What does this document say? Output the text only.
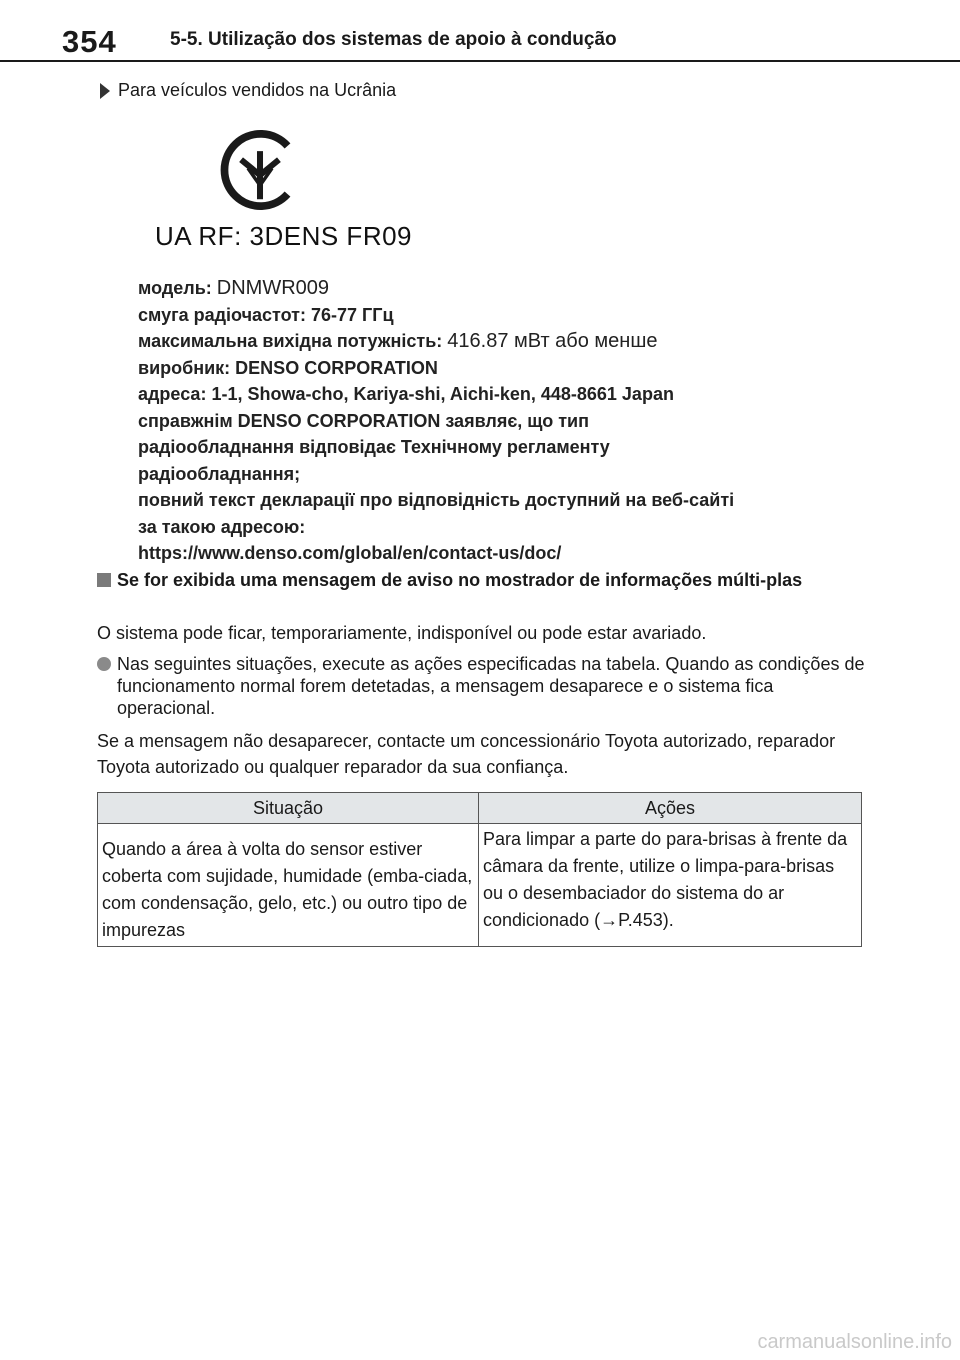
354	5-5. Utilização dos sistemas de apoio à condução
Para veículos vendidos na Ucrânia
UA RF: 3DENS FR09
модель: DNMWR009
смуга радіочастот: 76-77 ГГц
максимальна вихідна потужність: 416.87 мВт або менше
виробник: DENSO CORPORATION
адреса: 1-1, Showa-cho, Kariya-shi, Aichi-ken, 448-8661 Japan
справжнім DENSO CORPORATION заявляє, що тип
радіообладнання відповідає Технічному регламенту
радіообладнання;
повний текст декларації про відповідність доступний на веб-сайті
за такою адресою:
https://www.denso.com/global/en/contact-us/doc/
Se for exibida uma mensagem de aviso no mostrador de informações múlti-plas
O sistema pode ficar, temporariamente, indisponível ou pode estar avariado.
Nas seguintes situações, execute as ações especificadas na tabela. Quando as condições de funcionamento normal forem detetadas, a mensagem desaparece e o sistema fica operacional.
Se a mensagem não desaparecer, contacte um concessionário Toyota autorizado, reparador Toyota autorizado ou qualquer reparador da sua confiança.
Situação	Ações
Quando a área à volta do sensor estiver coberta com sujidade, humidade (emba-ciada, com condensação, gelo, etc.) ou outro tipo de impurezas	Para limpar a parte do para-brisas à frente da câmara da frente, utilize o limpa-para-brisas ou o desembaciador do sistema do ar condicionado (→P.453).
carmanualsonline.info
